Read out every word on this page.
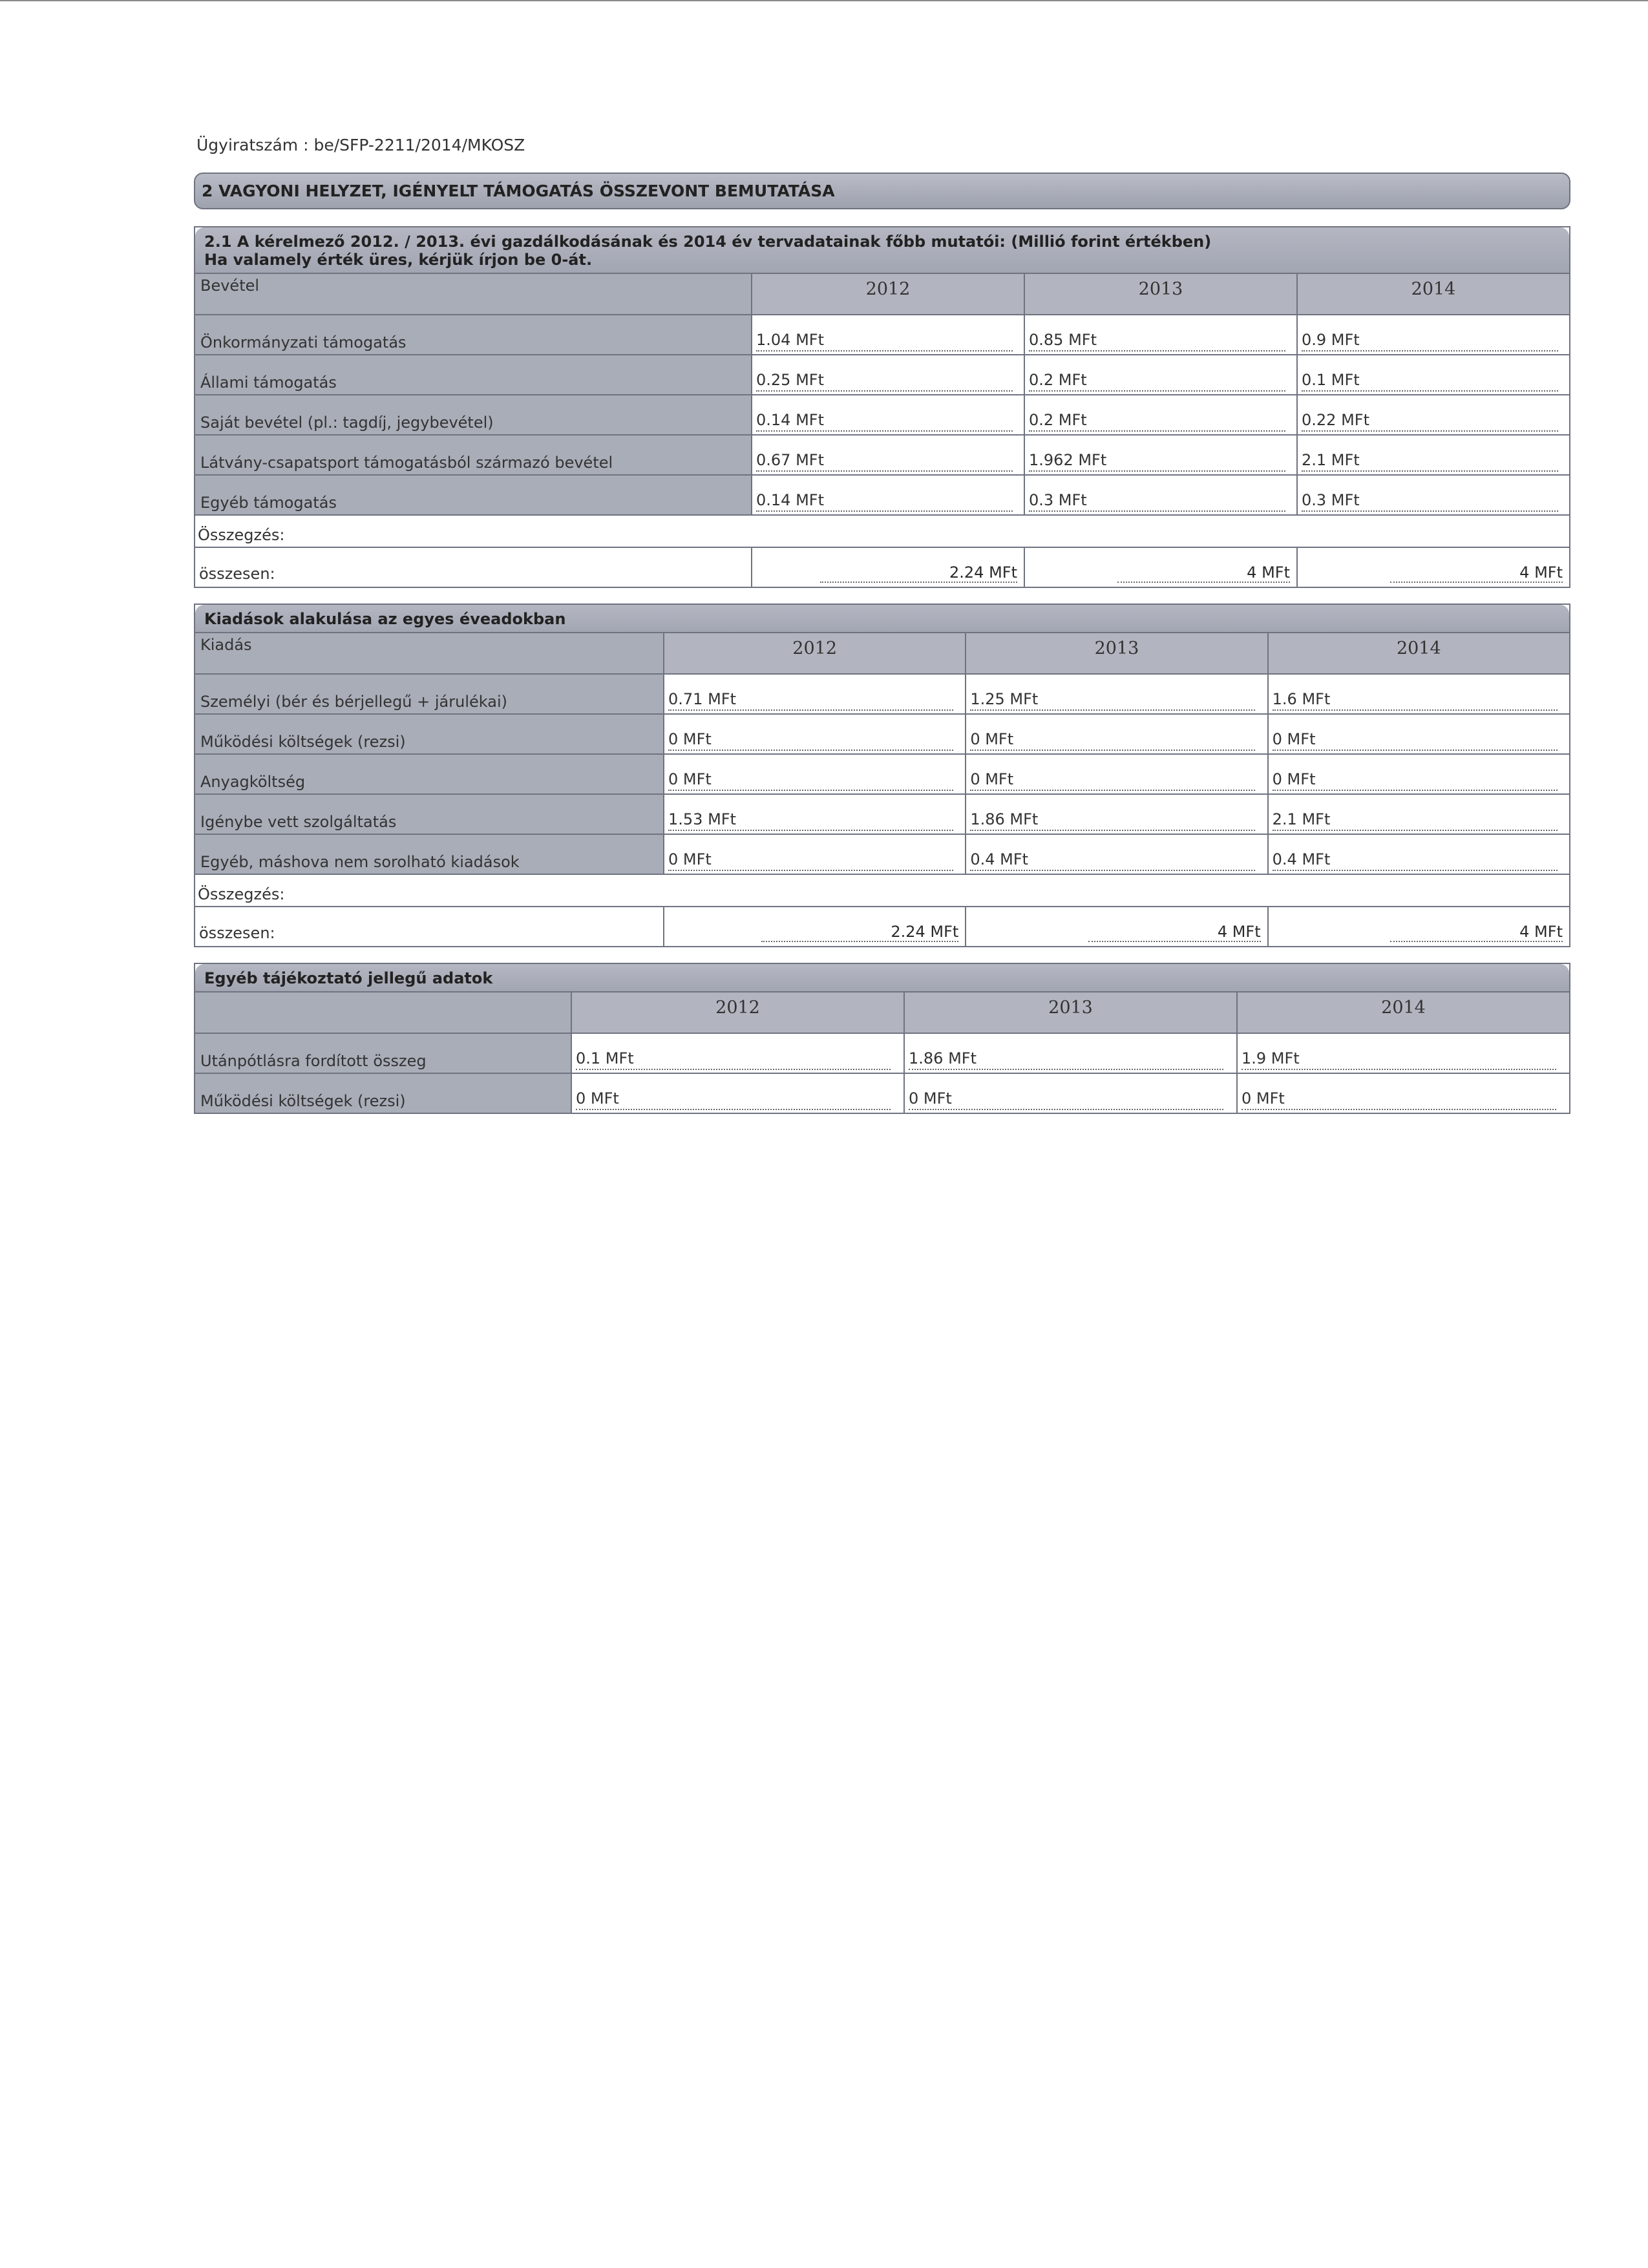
Ügyiratszám : be/SFP-2211/2014/MKOSZ
2 VAGYONI HELYZET, IGÉNYELT TÁMOGATÁS ÖSSZEVONT BEMUTATÁSA
2.1 A kérelmező 2012. / 2013. évi gazdálkodásának és 2014 év tervadatainak főbb mutatói: (Millió forint értékben)
Ha valamely érték üres, kérjük írjon be 0-át.
Bevétel	2012	2013	2014
Önkormányzati támogatás	1.04 MFt	0.85 MFt	0.9 MFt
Állami támogatás	0.25 MFt	0.2 MFt	0.1 MFt
Saját bevétel (pl.: tagdíj, jegybevétel)	0.14 MFt	0.2 MFt	0.22 MFt
Látvány-csapatsport támogatásból származó bevétel	0.67 MFt	1.962 MFt	2.1 MFt
Egyéb támogatás	0.14 MFt	0.3 MFt	0.3 MFt
Összegzés:
összesen:	2.24 MFt	4 MFt	4 MFt
Kiadások alakulása az egyes éveadokban
Kiadás	2012	2013	2014
Személyi (bér és bérjellegű + járulékai)	0.71 MFt	1.25 MFt	1.6 MFt
Működési költségek (rezsi)	0 MFt	0 MFt	0 MFt
Anyagköltség	0 MFt	0 MFt	0 MFt
Igénybe vett szolgáltatás	1.53 MFt	1.86 MFt	2.1 MFt
Egyéb, máshova nem sorolható kiadások	0 MFt	0.4 MFt	0.4 MFt
Összegzés:
összesen:	2.24 MFt	4 MFt	4 MFt
Egyéb tájékoztató jellegű adatok
2012	2013	2014
Utánpótlásra fordított összeg	0.1 MFt	1.86 MFt	1.9 MFt
Működési költségek (rezsi)	0 MFt	0 MFt	0 MFt
